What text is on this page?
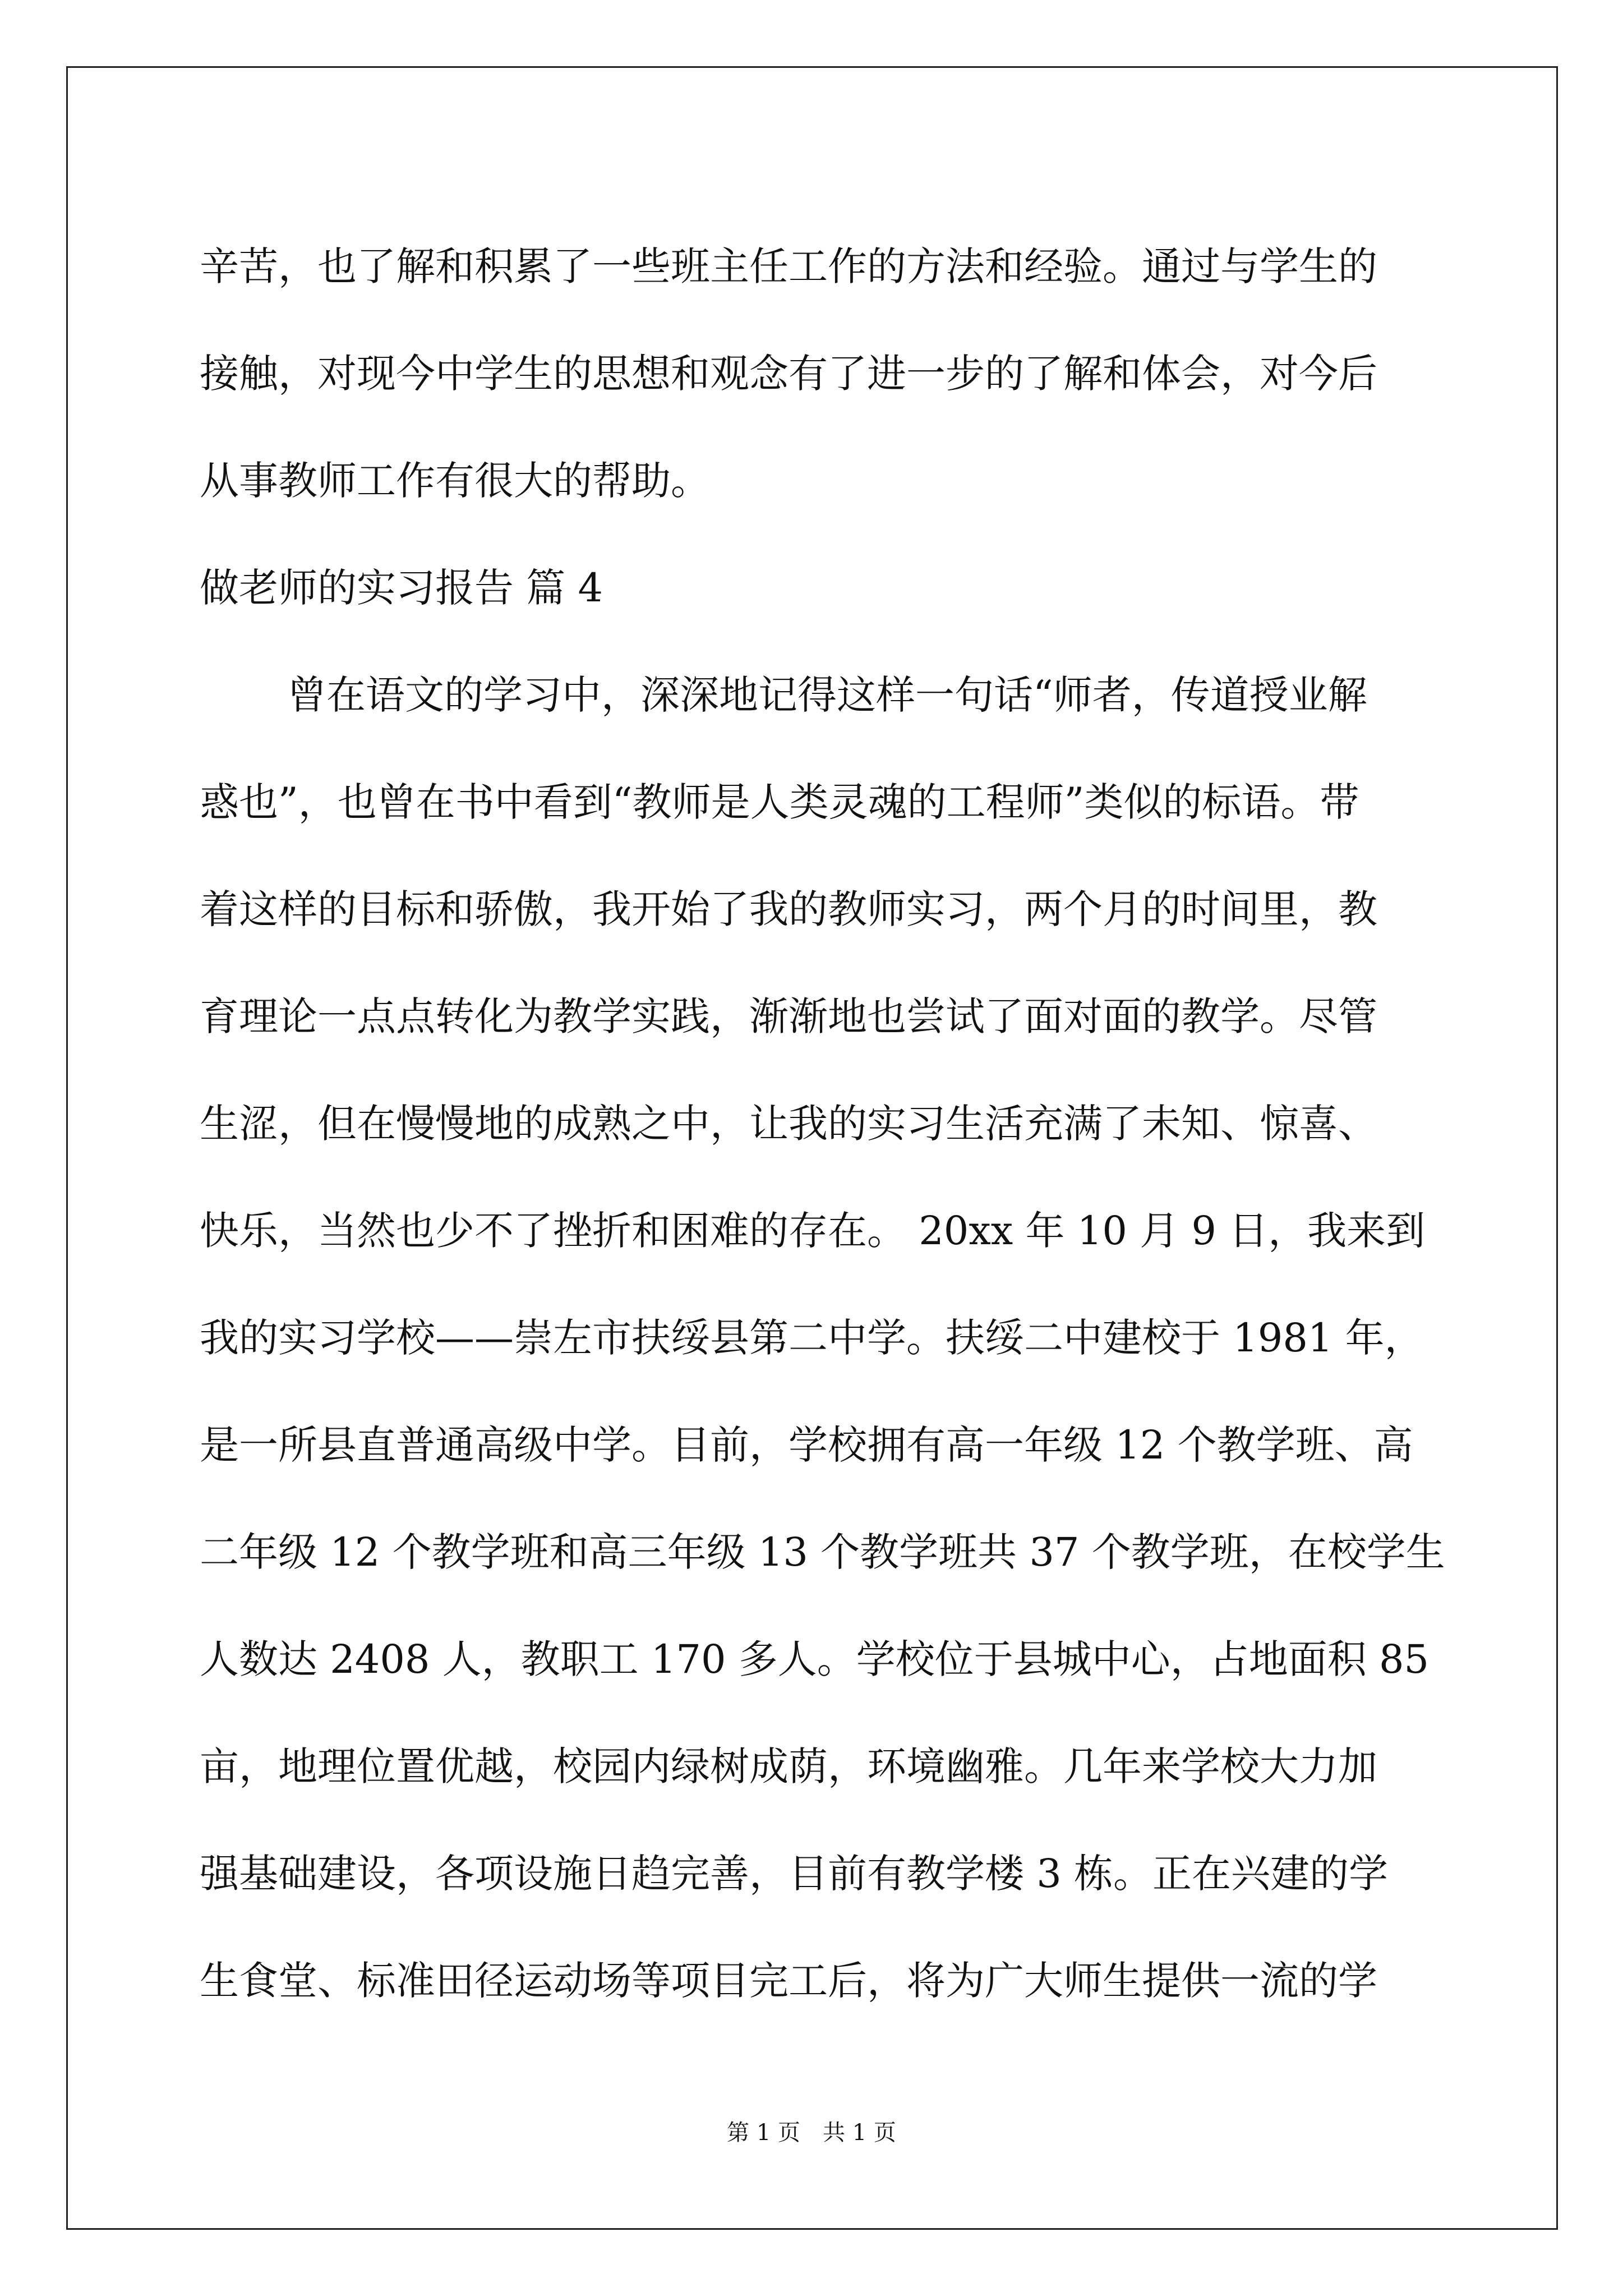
辛苦，也了解和积累了一些班主任工作的方法和经验。通过与学生的
接触，对现今中学生的思想和观念有了进一步的了解和体会，对今后
从事教师工作有很大的帮助。
做老师的实习报告 篇 4
曾在语文的学习中，深深地记得这样一句话“师者，传道授业解
惑也”，也曾在书中看到“教师是人类灵魂的工程师”类似的标语。带
着这样的目标和骄傲，我开始了我的教师实习，两个月的时间里，教
育理论一点点转化为教学实践，渐渐地也尝试了面对面的教学。尽管
生涩，但在慢慢地的成熟之中，让我的实习生活充满了未知、惊喜、
快乐，当然也少不了挫折和困难的存在。 20xx 年 10 月 9 日，我来到
我的实习学校——崇左市扶绥县第二中学。扶绥二中建校于 1981 年，
是一所县直普通高级中学。目前，学校拥有高一年级 12 个教学班、高
二年级 12 个教学班和高三年级 13 个教学班共 37 个教学班，在校学生
人数达 2408 人，教职工 170 多人。学校位于县城中心，占地面积 85
亩，地理位置优越，校园内绿树成荫，环境幽雅。几年来学校大力加
强基础建设，各项设施日趋完善，目前有教学楼 3 栋。正在兴建的学
生食堂、标准田径运动场等项目完工后，将为广大师生提供一流的学
第 1 页　共 1 页
